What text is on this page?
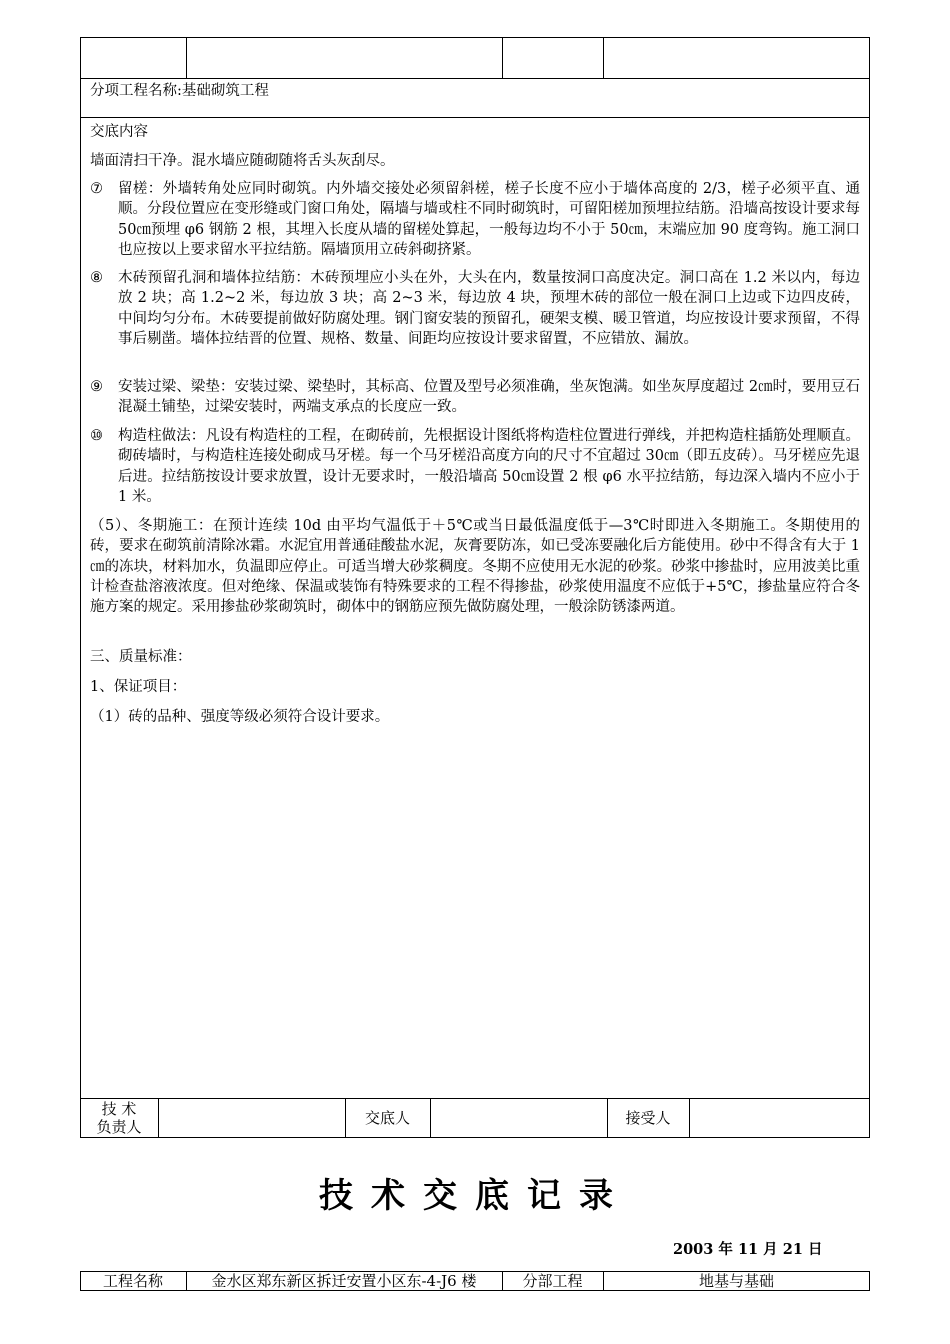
分项工程名称:基础砌筑工程
交底内容
墙面清扫干净。混水墙应随砌随将舌头灰刮尽。
⑦	留槎：外墙转角处应同时砌筑。内外墙交接处必须留斜槎，槎子长度不应小于墙体高度的 2/3，槎子必须平直、通顺。分段位置应在变形缝或门窗口角处，隔墙与墙或柱不同时砌筑时，可留阳槎加预埋拉结筋。沿墙高按设计要求每 50㎝预埋 φ6 钢筋 2 根，其埋入长度从墙的留槎处算起，一般每边均不小于 50㎝，末端应加 90 度弯钩。施工洞口也应按以上要求留水平拉结筋。隔墙顶用立砖斜砌挤紧。
⑧	木砖预留孔洞和墙体拉结筋：木砖预埋应小头在外，大头在内，数量按洞口高度决定。洞口高在 1.2 米以内，每边放 2 块；高 1.2~2 米，每边放 3 块；高 2~3 米，每边放 4 块，预埋木砖的部位一般在洞口上边或下边四皮砖，中间均匀分布。木砖要提前做好防腐处理。钢门窗安装的预留孔，硬架支模、暖卫管道，均应按设计要求预留，不得事后剔凿。墙体拉结晋的位置、规格、数量、间距均应按设计要求留置，不应错放、漏放。
⑨	安装过梁、梁垫：安装过梁、梁垫时，其标高、位置及型号必须准确，坐灰饱满。如坐灰厚度超过 2㎝时，要用豆石混凝土铺垫，过梁安装时，两端支承点的长度应一致。
⑩	构造柱做法：凡设有构造柱的工程，在砌砖前，先根据设计图纸将构造柱位置进行弹线，并把构造柱插筋处理顺直。砌砖墙时，与构造柱连接处砌成马牙槎。每一个马牙槎沿高度方向的尺寸不宜超过 30㎝（即五皮砖）。马牙槎应先退后进。拉结筋按设计要求放置，设计无要求时，一般沿墙高 50㎝设置 2 根 φ6 水平拉结筋，每边深入墙内不应小于 1 米。
（5）、冬期施工：在预计连续 10d 由平均气温低于＋5℃或当日最低温度低于—3℃时即进入冬期施工。冬期使用的砖，要求在砌筑前清除冰霜。水泥宜用普通硅酸盐水泥，灰膏要防冻，如已受冻要融化后方能使用。砂中不得含有大于 1㎝的冻块，材料加水，负温即应停止。可适当增大砂浆稠度。冬期不应使用无水泥的砂浆。砂浆中掺盐时，应用波美比重计检查盐溶液浓度。但对绝缘、保温或装饰有特殊要求的工程不得掺盐，砂浆使用温度不应低于+5℃，掺盐量应符合冬施方案的规定。采用掺盐砂浆砌筑时，砌体中的钢筋应预先做防腐处理，一般涂防锈漆两道。
三、质量标准：
1、保证项目：
（1）砖的品种、强度等级必须符合设计要求。
技 术
负责人	交底人	接受人
技术交底记录
2003 年 11 月 21 日
工程名称	金水区郑东新区拆迁安置小区东-4-J6 楼	分部工程	地基与基础
